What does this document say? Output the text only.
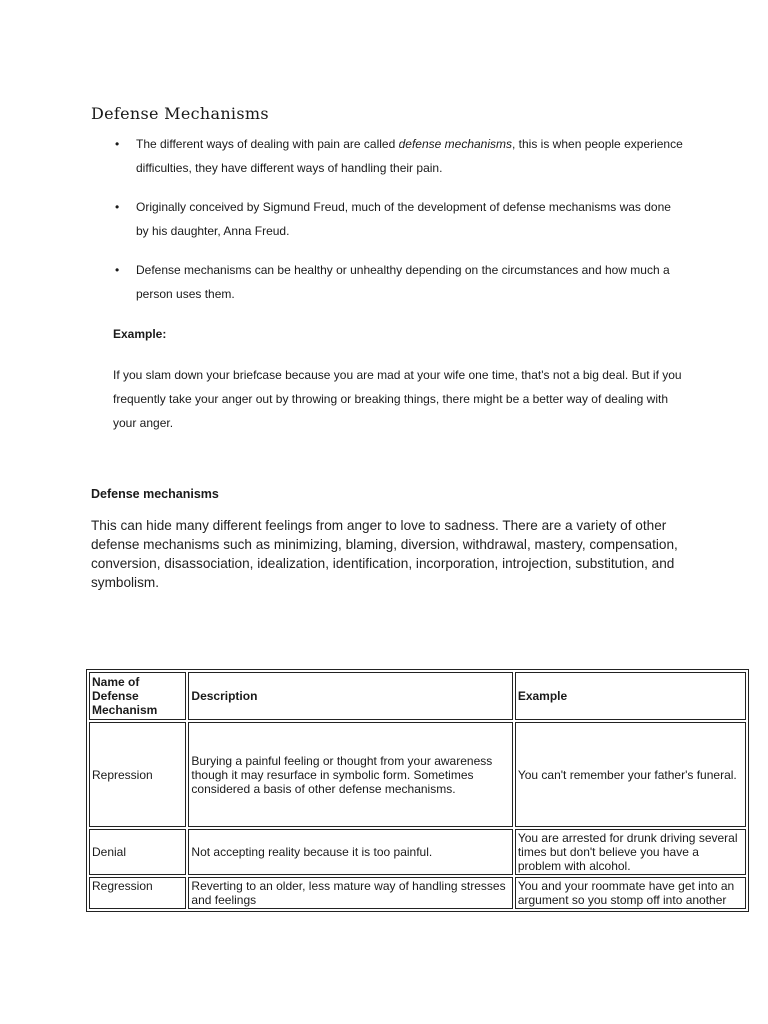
Defense Mechanisms
• The different ways of dealing with pain are called defense mechanisms, this is when people experience difficulties, they have different ways of handling their pain.
• Originally conceived by Sigmund Freud, much of the development of defense mechanisms was done by his daughter, Anna Freud.
• Defense mechanisms can be healthy or unhealthy depending on the circumstances and how much a person uses them.
Example:
If you slam down your briefcase because you are mad at your wife one time, that's not a big deal. But if you frequently take your anger out by throwing or breaking things, there might be a better way of dealing with your anger.
Defense mechanisms
This can hide many different feelings from anger to love to sadness. There are a variety of other defense mechanisms such as minimizing, blaming, diversion, withdrawal, mastery, compensation, conversion, disassociation, idealization, identification, incorporation, introjection, substitution, and symbolism.
Name of Defense Mechanism	Description	Example
Repression	Burying a painful feeling or thought from your awareness though it may resurface in symbolic form. Sometimes considered a basis of other defense mechanisms.	You can't remember your father's funeral.
Denial	Not accepting reality because it is too painful.	You are arrested for drunk driving several times but don't believe you have a problem with alcohol.
Regression	Reverting to an older, less mature way of handling stresses and feelings	You and your roommate have get into an argument so you stomp off into another
